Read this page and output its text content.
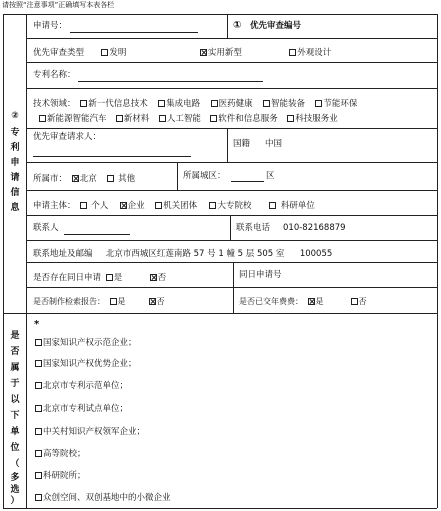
请按照“注意事项”正确填写本表各栏
②
专
利
申
请
信
息
是
否
属
于
以
下
单
位
（
多
选
）
申请号：	① 优先审查编号
优先审查类型	发明	实用新型	外观设计
专利名称：
技术领域： 新一代信息技术 集成电路 医药健康 智能装备 节能环保
新能源智能汽车 新材料 人工智能 软件和信息服务 科技服务业
优先审查请求人：
国籍 中国
所属市： 北京	其他	所属城区：	区
申请主体： 个人 企业 机关团体 大专院校	科研单位
联系人	联系电话 010-82168879
联系地址及邮编 北京市西城区红莲南路 57 号 1 幢 5 层 505 室 100055
是否存在同日申请 是	否	同日申请号
是否制作检索报告： 是	否	是否已交年费费： 是	否
*
国家知识产权示范企业；
国家知识产权优势企业；
北京市专利示范单位；
北京市专利试点单位；
中关村知识产权领军企业；
高等院校；
科研院所；
众创空间、双创基地中的小微企业
